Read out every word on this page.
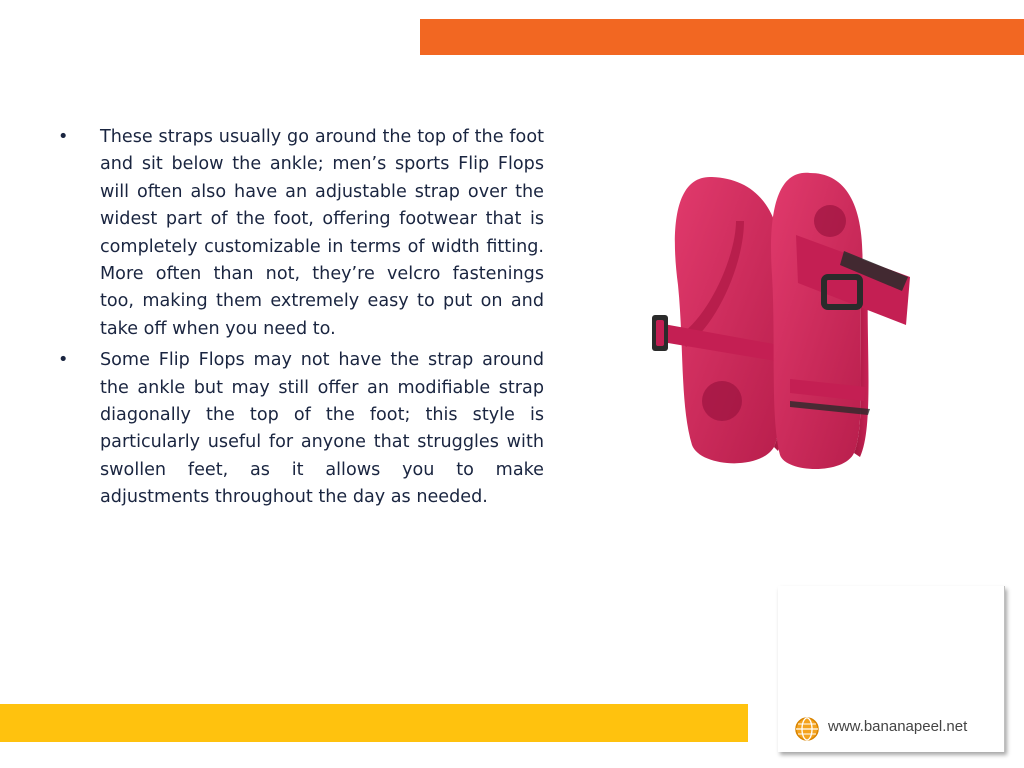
•	These straps usually go around the top of the foot and sit below the ankle; men’s sports Flip Flops will often also have an adjustable strap over the widest part of the foot, offering footwear that is completely customizable in terms of width fitting. More often than not, they’re velcro fastenings too, making them extremely easy to put on and take off when you need to.
•	Some Flip Flops may not have the strap around the ankle but may still offer an modifiable strap diagonally the top of the foot; this style is particularly useful for anyone that struggles with swollen feet, as it allows you to make adjustments throughout the day as needed.
www.bananapeel.net
